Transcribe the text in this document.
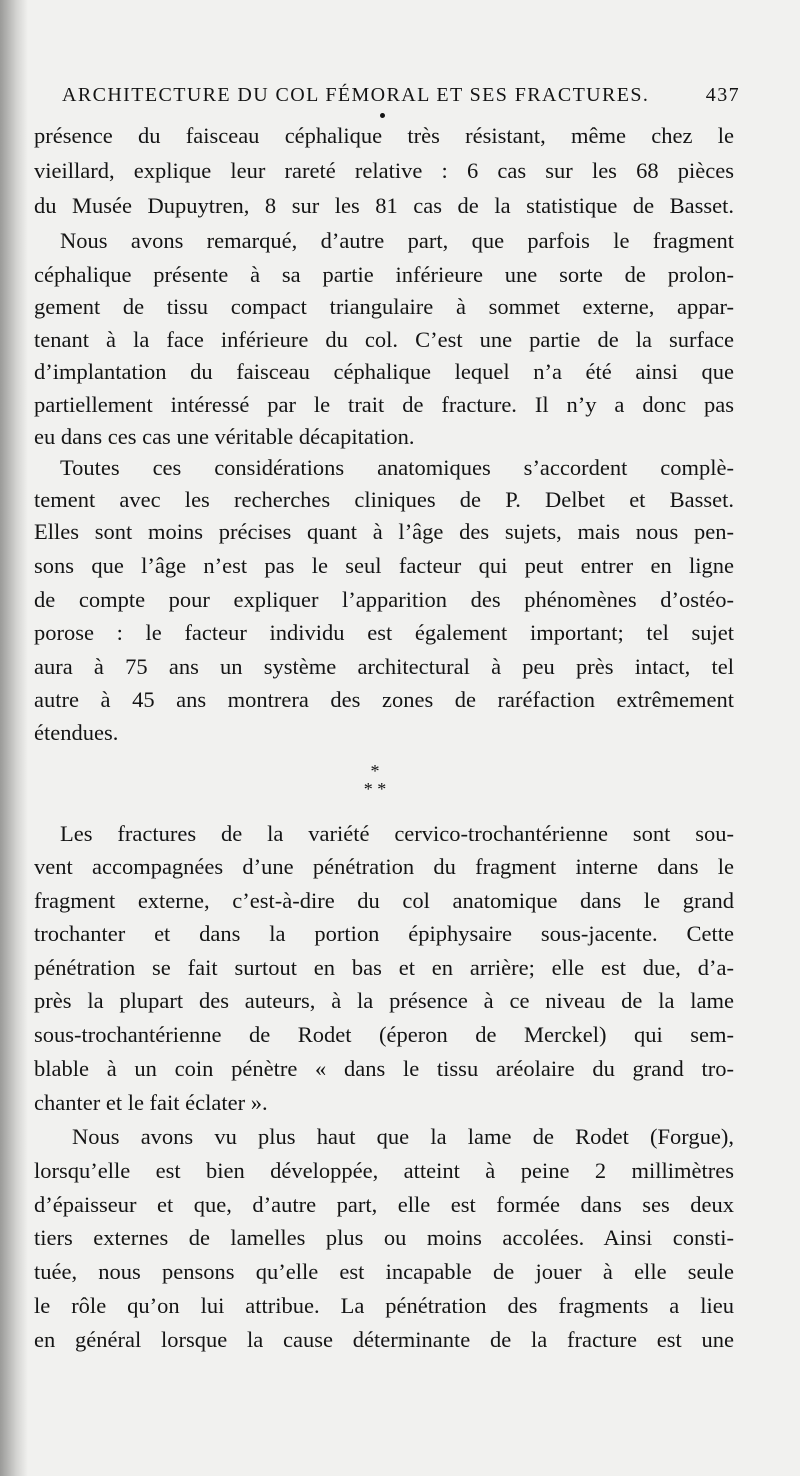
ARCHITECTURE DU COL FÉMORAL ET SES FRACTURES.	437
présence du faisceau céphalique très résistant, même chez le
vieillard, explique leur rareté relative : 6 cas sur les 68 pièces
du Musée Dupuytren, 8 sur les 81 cas de la statistique de Basset.
Nous avons remarqué, d’autre part, que parfois le fragment
céphalique présente à sa partie inférieure une sorte de prolon-
gement de tissu compact triangulaire à sommet externe, appar-
tenant à la face inférieure du col. C’est une partie de la surface
d’implantation du faisceau céphalique lequel n’a été ainsi que
partiellement intéressé par le trait de fracture. Il n’y a donc pas
eu dans ces cas une véritable décapitation.
Toutes ces considérations anatomiques s’accordent complè-
tement avec les recherches cliniques de P. Delbet et Basset.
Elles sont moins précises quant à l’âge des sujets, mais nous pen-
sons que l’âge n’est pas le seul facteur qui peut entrer en ligne
de compte pour expliquer l’apparition des phénomènes d’ostéo-
porose : le facteur individu est également important; tel sujet
aura à 75 ans un système architectural à peu près intact, tel
autre à 45 ans montrera des zones de raréfaction extrêmement
étendues.
*
* *
Les fractures de la variété cervico-trochantérienne sont sou-
vent accompagnées d’une pénétration du fragment interne dans le
fragment externe, c’est-à-dire du col anatomique dans le grand
trochanter et dans la portion épiphysaire sous-jacente. Cette
pénétration se fait surtout en bas et en arrière; elle est due, d’a-
près la plupart des auteurs, à la présence à ce niveau de la lame
sous-trochantérienne de Rodet (éperon de Merckel) qui sem-
blable à un coin pénètre « dans le tissu aréolaire du grand tro-
chanter et le fait éclater ».
Nous avons vu plus haut que la lame de Rodet (Forgue),
lorsqu’elle est bien développée, atteint à peine 2 millimètres
d’épaisseur et que, d’autre part, elle est formée dans ses deux
tiers externes de lamelles plus ou moins accolées. Ainsi consti-
tuée, nous pensons qu’elle est incapable de jouer à elle seule
le rôle qu’on lui attribue. La pénétration des fragments a lieu
en général lorsque la cause déterminante de la fracture est une
